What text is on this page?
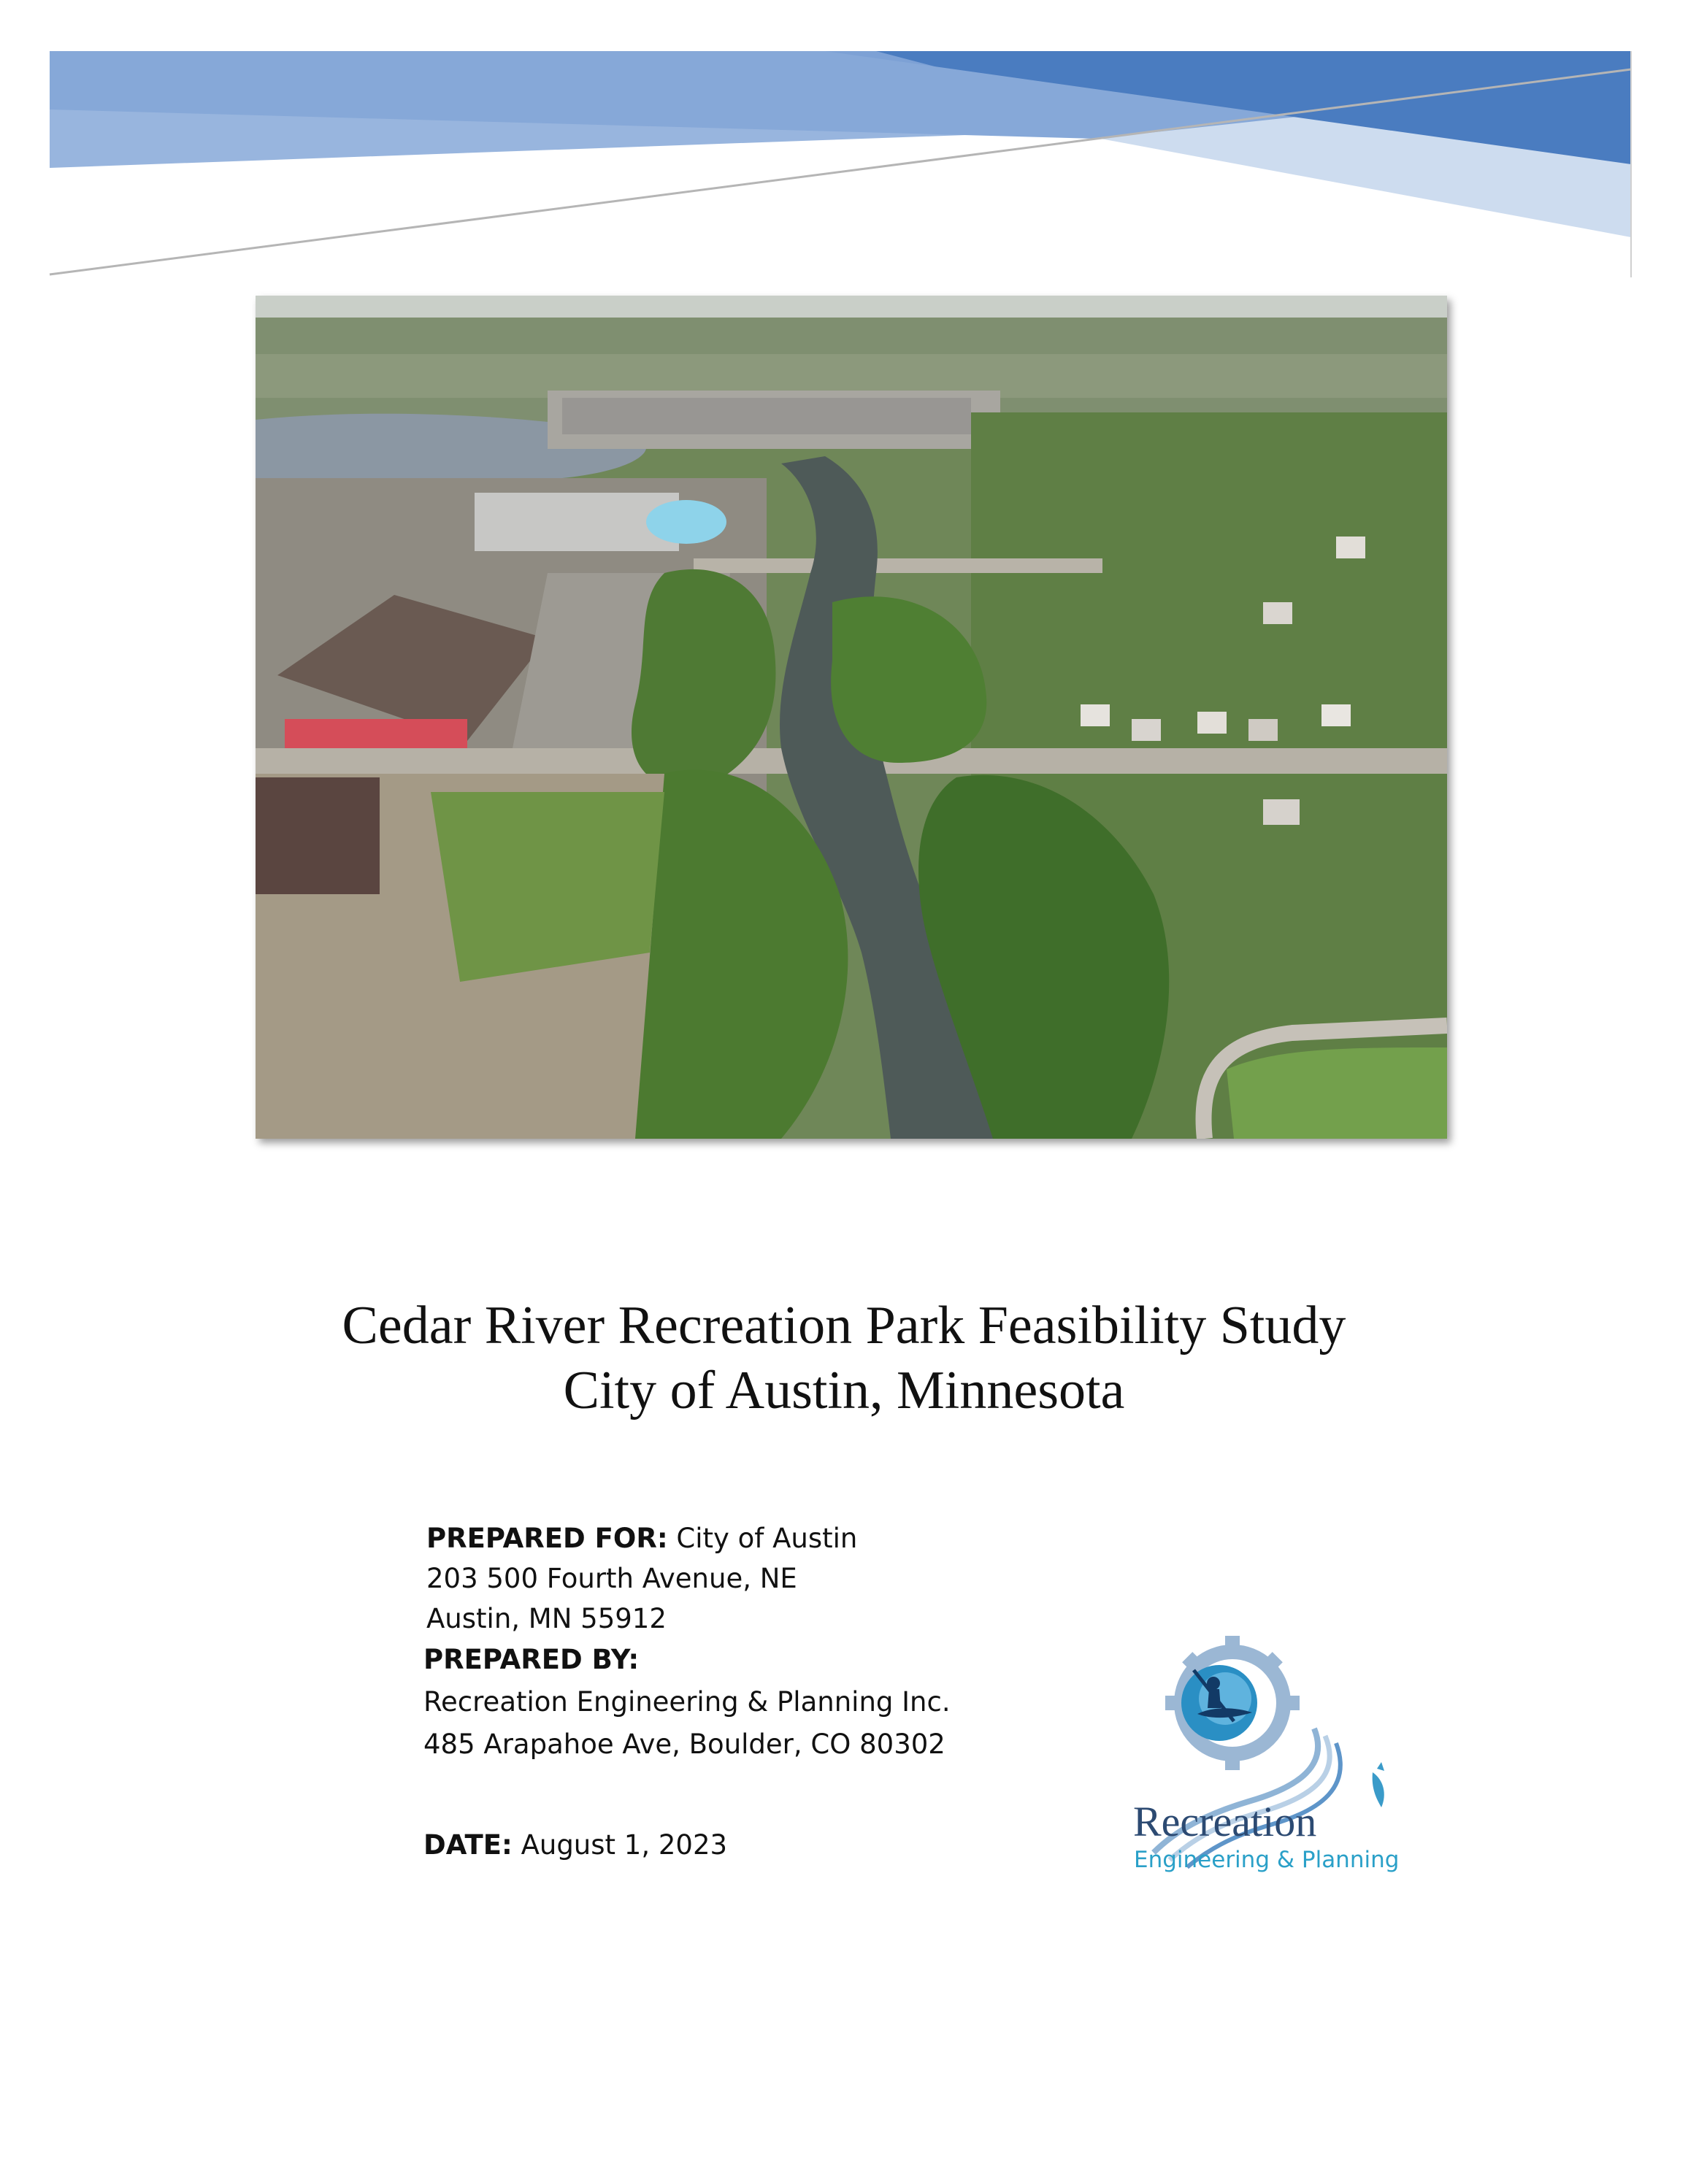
Cedar River Recreation Park Feasibility Study
City of Austin, Minnesota
PREPARED FOR: City of Austin
203 500 Fourth Avenue, NE
Austin, MN 55912
PREPARED BY:
Recreation Engineering & Planning Inc.
485 Arapahoe Ave, Boulder, CO 80302
DATE: August 1, 2023	Recreation
Engineering & Planning
